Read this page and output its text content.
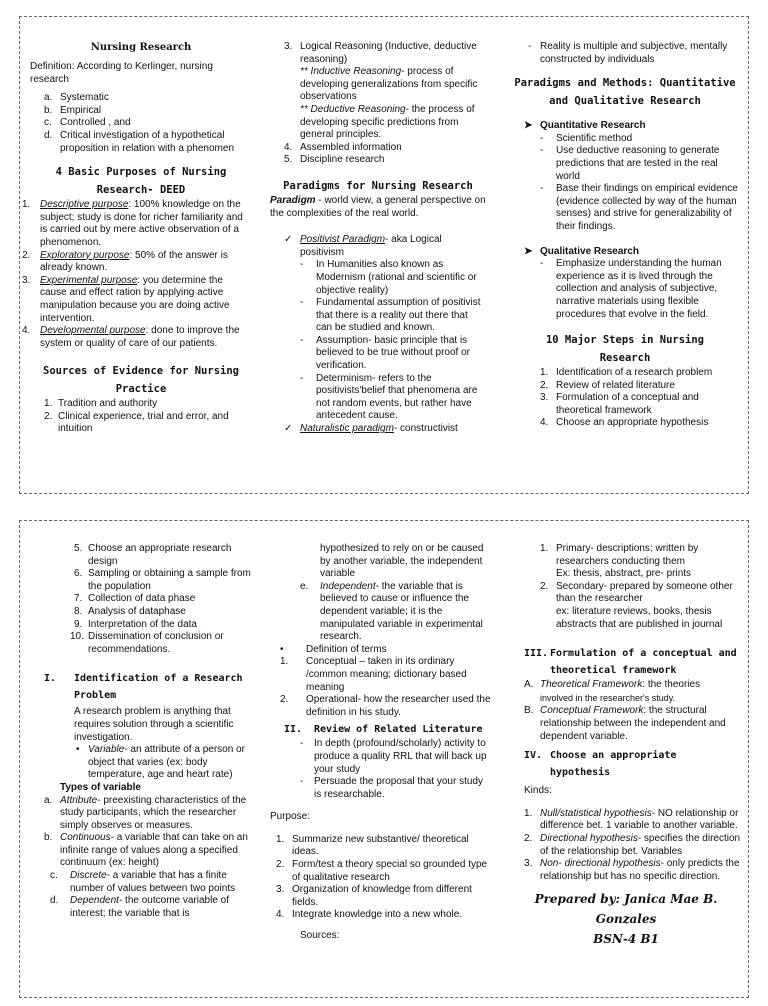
Nursing Research

Definition: According to Kerlinger, nursing research

a. Systematic
b. Empirical
c. Controlled , and
d. Critical investigation of a hypothetical proposition in relation with a phenomen
4 Basic Purposes of Nursing Research- DEED
1. Descriptive purpose: 100% knowledge on the subject; study is done for richer familiarity and is carried out by mere active observation of a phenomenon.
2. Exploratory purpose: 50% of the answer is already known.
3. Experimental purpose: you determine the cause and effect ration by applying active manipulation because you are doing active intervention.
4. Developmental purpose: done to improve the system or quality of care of our patients.
Sources of Evidence for Nursing Practice
1. Tradition and authority
2. Clinical experience, trial and error, and intuition
3. Logical Reasoning (Inductive, deductive reasoning)
** Inductive Reasoning- process of developing generalizations from specific observations
** Deductive Reasoning- the process of developing specific predictions from general principles.
4. Assembled information
5. Discipline research
Paradigms for Nursing Research

Paradigm - world view, a general perspective on the complexities of the real world.

✓ Positivist Paradigm- aka Logical positivism
- In Humanities also known as Modernism (rational and scientific or objective reality)
- Fundamental assumption of positivist that there is a reality out there that can be studied and known.
- Assumption- basic principle that is believed to be true without proof or verification.
- Determinism- refers to the positivists'belief that phenomena are not random events, but rather have antecedent cause.
✓ Naturalistic paradigm- constructivist
- Reality is multiple and subjective, mentally constructed by individuals
Paradigms and Methods: Quantitative and Qualitative Research
➤ Quantitative Research
- Scientific method
- Use deductive reasoning to generate predictions that are tested in the real world
- Base their findings on empirical evidence (evidence collected by way of the human senses) and strive for generalizability of their findings.
➤ Qualitative Research
- Emphasize understanding the human experience as it is lived through the collection and analysis of subjective, narrative materials using flexible procedures that evolve in the field.
10 Major Steps in Nursing Research
1. Identification of a research problem
2. Review of related literature
3. Formulation of a conceptual and theoretical framework
4. Choose an appropriate hypothesis
5. Choose an appropriate research design
6. Sampling or obtaining a sample from the population
7. Collection of data phase
8. Analysis of dataphase
9. Interpretation of the data
10. Dissemination of conclusion or recommendations.
I. Identification of a Research Problem

A research problem is anything that requires solution through a scientific investigation.

• Variable- an attribute of a person or object that varies (ex: body temperature, age and heart rate)
Types of variable
a. Attribute- preexisting characteristics of the study participants, which the researcher simply observes or measures.
b. Continuous- a variable that can take on an infinite range of values along a specified continuum (ex: height)
c. Discrete- a variable that has a finite number of values between two points
d. Dependent- the outcome variable of interest; the variable that is

hypothesized to rely on or be caused by another variable, the independent variable

e. Independent- the variable that is believed to cause or influence the dependent variable; it is the manipulated variable in experimental research.
• Definition of terms
1. Conceptual – taken in its ordinary /common meaning; dictionary based meaning
2. Operational- how the researcher used the definition in his study.
II. Review of Related Literature
- In depth (profound/scholarly) activity to produce a quality RRL that will back up your study
- Persuade the proposal that your study is researchable.

Purpose:

1. Summarize new substantive/ theoretical ideas.
2. Form/test a theory special so grounded type of qualitative research
3. Organization of knowledge from different fields.
4. Integrate knowledge into a new whole.

Sources:

1. Primary- descriptions; written by researchers conducting them
Ex: thesis, abstract, pre- prints
2. Secondary- prepared by someone other than the researcher
ex: literature reviews, books, thesis abstracts that are published in journal
III. Formulation of a conceptual and theoretical framework
A. Theoretical Framework: the theories
involved in the researcher's study.
B. Conceptual Framework: the structural relationship between the independent and dependent variable.
IV. Choose an appropriate hypothesis

Kinds:

1. Null/statistical hypothesis- NO relationship or difference bet. 1 variable to another variable.
2. Directional hypothesis- specifies the direction of the relationship bet. Variables
3. Non- directional hypothesis- only predicts the relationship but has no specific direction.
Prepared by: Janica Mae B. Gonzales
BSN-4 B1
